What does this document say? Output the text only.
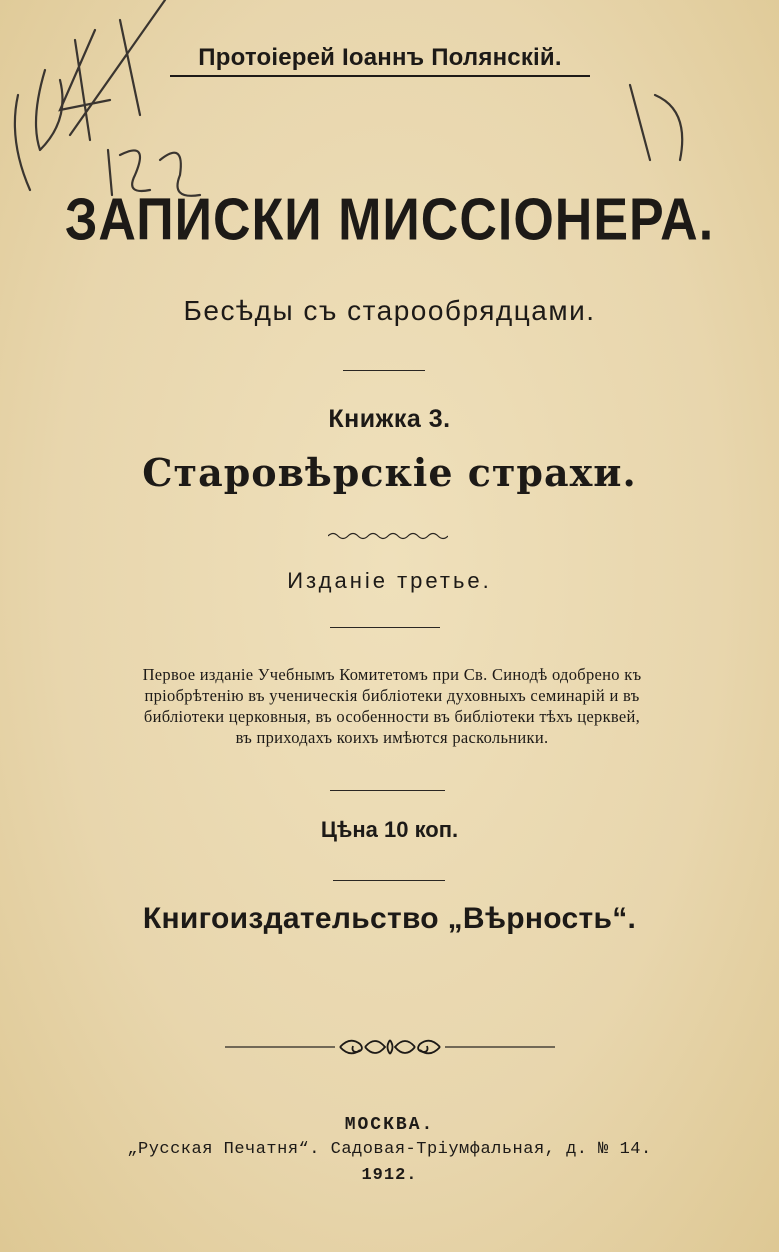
Протоіерей Іоаннъ Полянскій.
ЗАПИСКИ МИССІОНЕРА.
Бесѣды съ старообрядцами.
Книжка 3.
Старовѣрскіе страхи.
Изданіе третье.
Первое изданіе Учебнымъ Комитетомъ при Св. Синодѣ одобрено къ
пріобрѣтенію въ ученическія библіотеки духовныхъ семинарій и въ
библіотеки церковныя, въ особенности въ библіотеки тѣхъ церквей,
въ приходахъ коихъ имѣются раскольники.
Цѣна 10 коп.
Книгоиздательство „Вѣрность“.
МОСКВА.
„Русская Печатня“. Садовая-Тріумфальная, д. № 14.
1912.
